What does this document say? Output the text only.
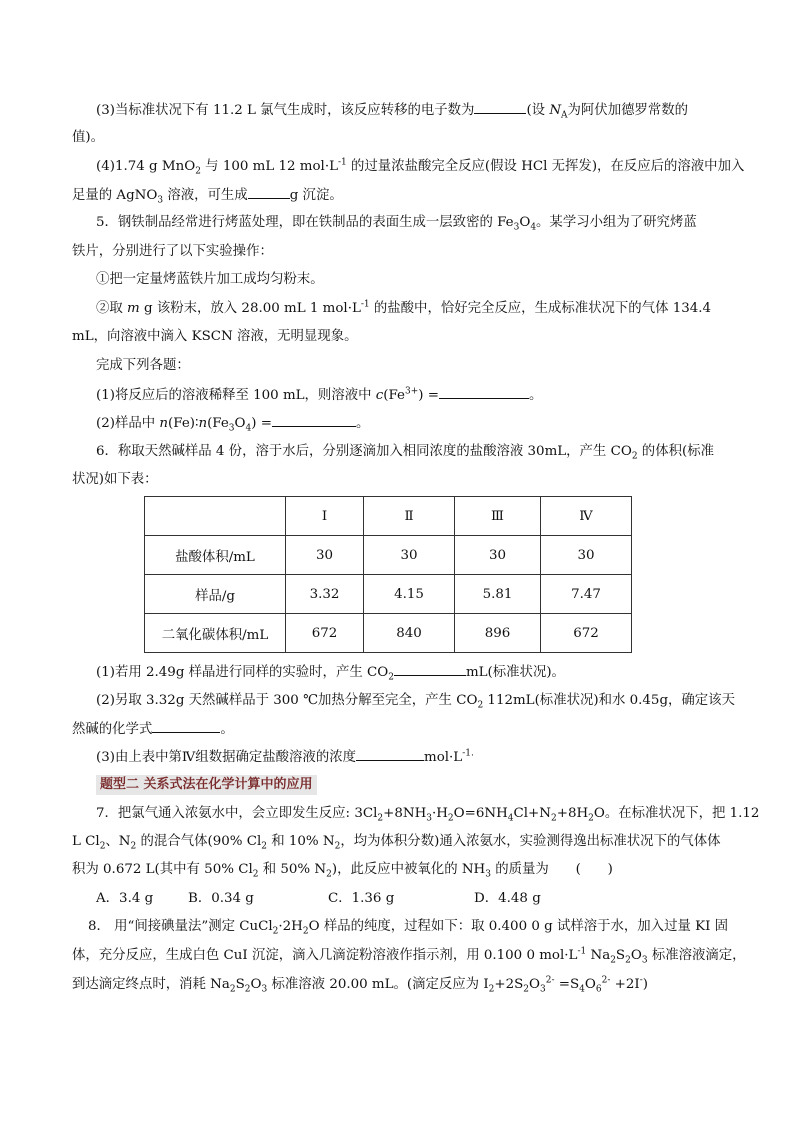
(3)当标准状况下有 11.2 L 氯气生成时，该反应转移的电子数为	(设 $N_A$为阿伏加德罗常数的
值)。
(4)1.74 g MnO$_2$ 与 100 mL 12 $mol\cdot L^{-1}$ 的过量浓盐酸完全反应(假设 HCl 无挥发)，在反应后的溶液中加入
足量的 AgNO$_3$ 溶液，可生成	g 沉淀。
5．钢铁制品经常进行烤蓝处理，即在铁制品的表面生成一层致密的 $Fe_3O_4$。某学习小组为了研究烤蓝
铁片，分别进行了以下实验操作：
①把一定量烤蓝铁片加工成均匀粉末。
②取 m g 该粉末，放入 28.00 mL 1 $mol\cdot L^{-1}$ 的盐酸中，恰好完全反应，生成标准状况下的气体 134.4
mL，向溶液中滴入 KSCN 溶液，无明显现象。
完成下列各题：
(1)将反应后的溶液稀释至 100 mL，则溶液中 $c(Fe^{3+})$ =	。
(2)样品中 $n(Fe)∶n(Fe_3O_4)$ =	。
6．称取天然碱样品 4 份，溶于水后，分别逐滴加入相同浓度的盐酸溶液 30mL，产生 $CO_2$ 的体积(标准
状况)如下表：
	Ⅰ	Ⅱ	Ⅲ	Ⅳ
盐酸体积/mL	30	30	30	30
样品/g	3.32	4.15	5.81	7.47
二氧化碳体积/mL	672	840	896	672
(1)若用 2.49g 样晶进行同样的实验时，产生 $CO_2$	mL(标准状况)。
(2)另取 3.32g 天然碱样品于 300 ℃加热分解至完全，产生 $CO_2$ 112mL(标准状况)和水 0.45g，确定该天
然碱的化学式	。
(3)由上表中第Ⅳ组数据确定盐酸溶液的浓度	$mol\cdot L^{-1.}$
题型二 关系式法在化学计算中的应用
7．把氯气通入浓氨水中，会立即发生反应: $3Cl_2+8NH_3\cdot H_2O=6NH_4Cl+N_2+8H_2O$。在标准状况下，把 1.12
L $Cl_2$、$N_2$ 的混合气体(90% $Cl_2$ 和 10% $N_2$，均为体积分数)通入浓氨水，实验测得逸出标准状况下的气体体
积为 0.672 L(其中有 50% $Cl_2$ 和 50% $N_2$)，此反应中被氧化的 $NH_3$ 的质量为　　(　　)
A．3.4 g	B．0.34 g	C．1.36 g	D．4.48 g
8． 用“间接碘量法”测定 $CuCl_2\cdot 2H_2O$ 样品的纯度，过程如下：取 0.400 0 g 试样溶于水，加入过量 KI 固
体，充分反应，生成白色 CuI 沉淀，滴入几滴淀粉溶液作指示剂，用 0.100 0 $mol\cdot L^{-1}$ $Na_2S_2O_3$ 标准溶液滴定，
到达滴定终点时，消耗 $Na_2S_2O_3$ 标准溶液 20.00 mL。(滴定反应为 $I_2+2S_2O_3^{2-} =S_4O_6^{2-} +2I^-$)
